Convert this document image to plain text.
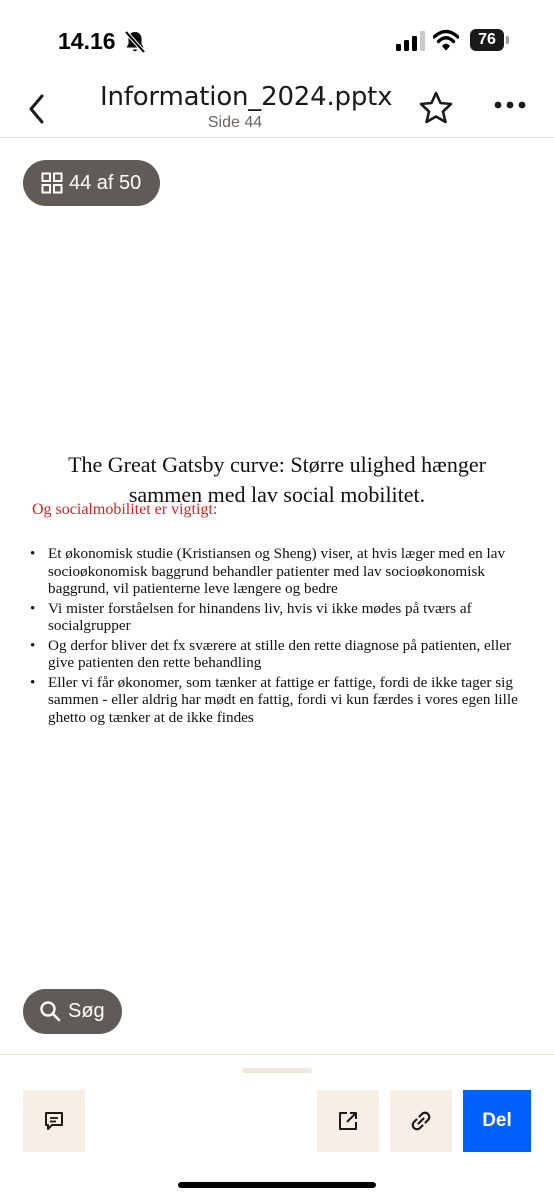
14.16	76
Information_2024.pptx
Side 44
44 af 50
The Great Gatsby curve: Større ulighed hænger sammen med lav social mobilitet.
Og socialmobilitet er vigtigt:
• Et økonomisk studie (Kristiansen og Sheng) viser, at hvis læger med en lav socioøkonomisk baggrund behandler patienter med lav socioøkonomisk baggrund, vil patienterne leve længere og bedre
• Vi mister forståelsen for hinandens liv, hvis vi ikke mødes på tværs af socialgrupper
• Og derfor bliver det fx sværere at stille den rette diagnose på patienten, eller give patienten den rette behandling
• Eller vi får økonomer, som tænker at fattige er fattige, fordi de ikke tager sig sammen - eller aldrig har mødt en fattig, fordi vi kun færdes i vores egen lille ghetto og tænker at de ikke findes
Søg
Del
